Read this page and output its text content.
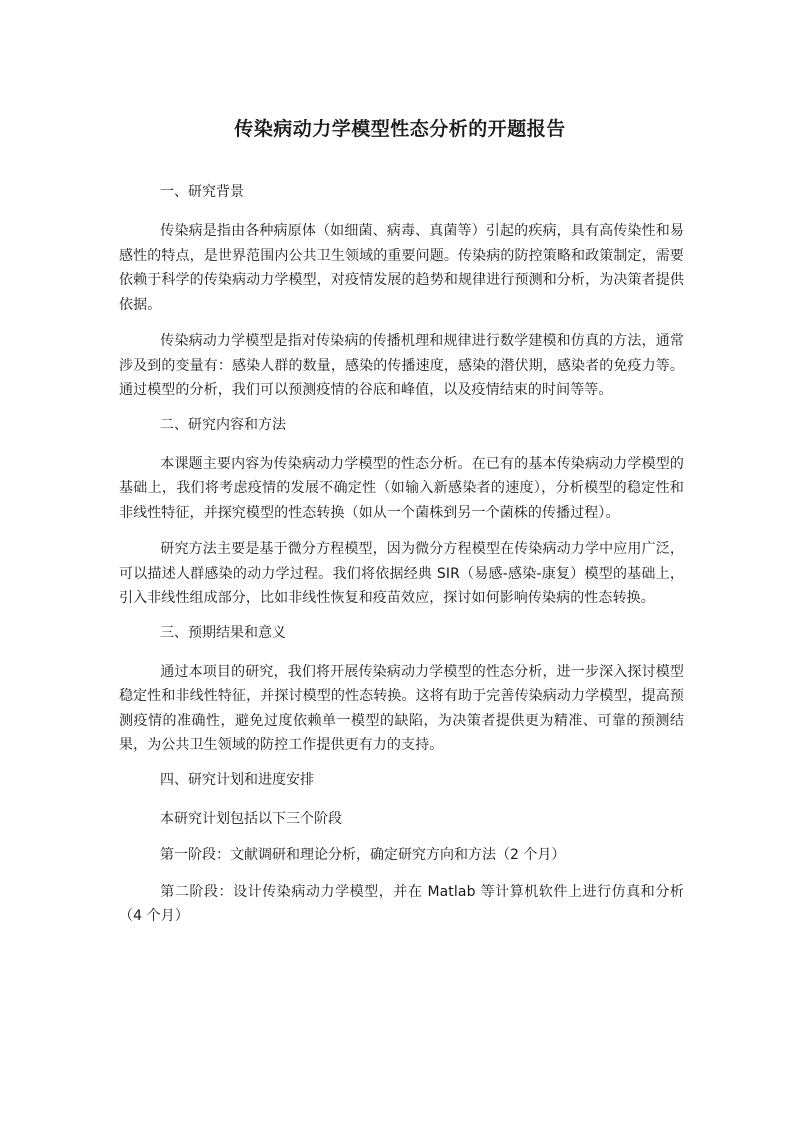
传染病动力学模型性态分析的开题报告

一、研究背景

传染病是指由各种病原体（如细菌、病毒、真菌等）引起的疾病，具有高传染性和易感性的特点，是世界范围内公共卫生领域的重要问题。传染病的防控策略和政策制定，需要依赖于科学的传染病动力学模型，对疫情发展的趋势和规律进行预测和分析，为决策者提供依据。

传染病动力学模型是指对传染病的传播机理和规律进行数学建模和仿真的方法，通常涉及到的变量有：感染人群的数量，感染的传播速度，感染的潜伏期，感染者的免疫力等。通过模型的分析，我们可以预测疫情的谷底和峰值，以及疫情结束的时间等等。

二、研究内容和方法

本课题主要内容为传染病动力学模型的性态分析。在已有的基本传染病动力学模型的基础上，我们将考虑疫情的发展不确定性（如输入新感染者的速度），分析模型的稳定性和非线性特征，并探究模型的性态转换（如从一个菌株到另一个菌株的传播过程）。

研究方法主要是基于微分方程模型，因为微分方程模型在传染病动力学中应用广泛，可以描述人群感染的动力学过程。我们将依据经典 SIR（易感-感染-康复）模型的基础上，引入非线性组成部分，比如非线性恢复和疫苗效应，探讨如何影响传染病的性态转换。

三、预期结果和意义

通过本项目的研究，我们将开展传染病动力学模型的性态分析，进一步深入探讨模型稳定性和非线性特征，并探讨模型的性态转换。这将有助于完善传染病动力学模型，提高预测疫情的准确性，避免过度依赖单一模型的缺陷，为决策者提供更为精准、可靠的预测结果，为公共卫生领域的防控工作提供更有力的支持。

四、研究计划和进度安排

本研究计划包括以下三个阶段

第一阶段：文献调研和理论分析，确定研究方向和方法（2 个月）

第二阶段：设计传染病动力学模型，并在 Matlab 等计算机软件上进行仿真和分析（4 个月）
